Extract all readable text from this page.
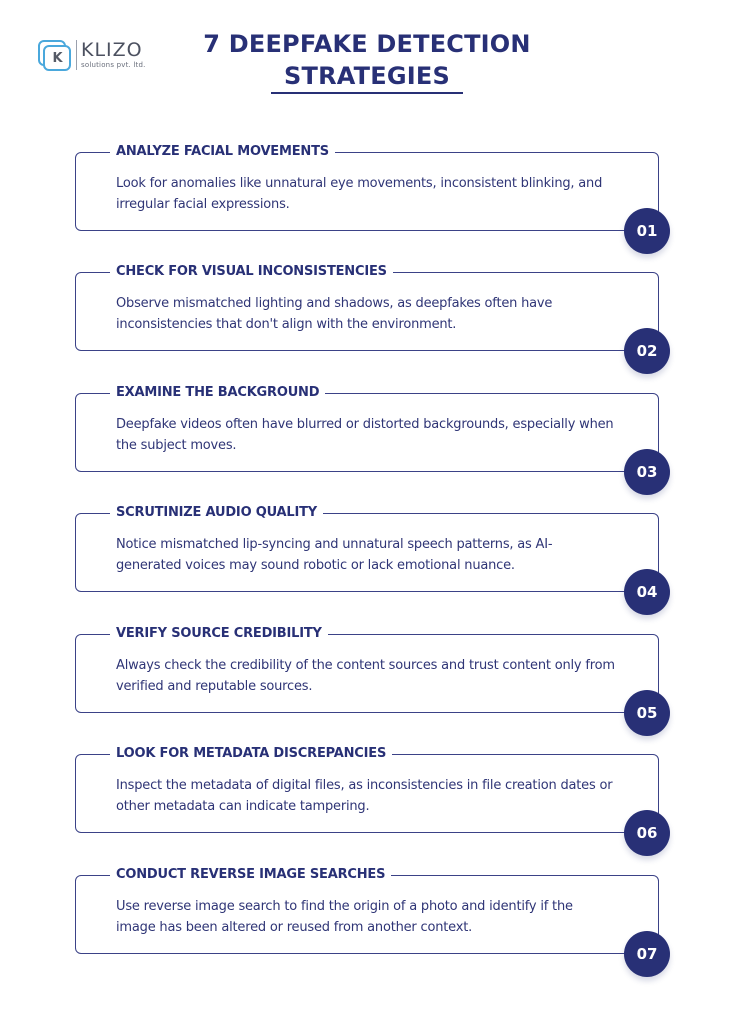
K	KLIZO
solutions pvt. ltd.
7 DEEPFAKE DETECTION
STRATEGIES
ANALYZE FACIAL MOVEMENTS
Look for anomalies like unnatural eye movements, inconsistent blinking, and irregular facial expressions.
01
CHECK FOR VISUAL INCONSISTENCIES
Observe mismatched lighting and shadows, as deepfakes often have inconsistencies that don't align with the environment.
02
EXAMINE THE BACKGROUND
Deepfake videos often have blurred or distorted backgrounds, especially when the subject moves.
03
SCRUTINIZE AUDIO QUALITY
Notice mismatched lip-syncing and unnatural speech patterns, as AI-generated voices may sound robotic or lack emotional nuance.
04
VERIFY SOURCE CREDIBILITY
Always check the credibility of the content sources and trust content only from verified and reputable sources.
05
LOOK FOR METADATA DISCREPANCIES
Inspect the metadata of digital files, as inconsistencies in file creation dates or other metadata can indicate tampering.
06
CONDUCT REVERSE IMAGE SEARCHES
Use reverse image search to find the origin of a photo and identify if the image has been altered or reused from another context.
07
